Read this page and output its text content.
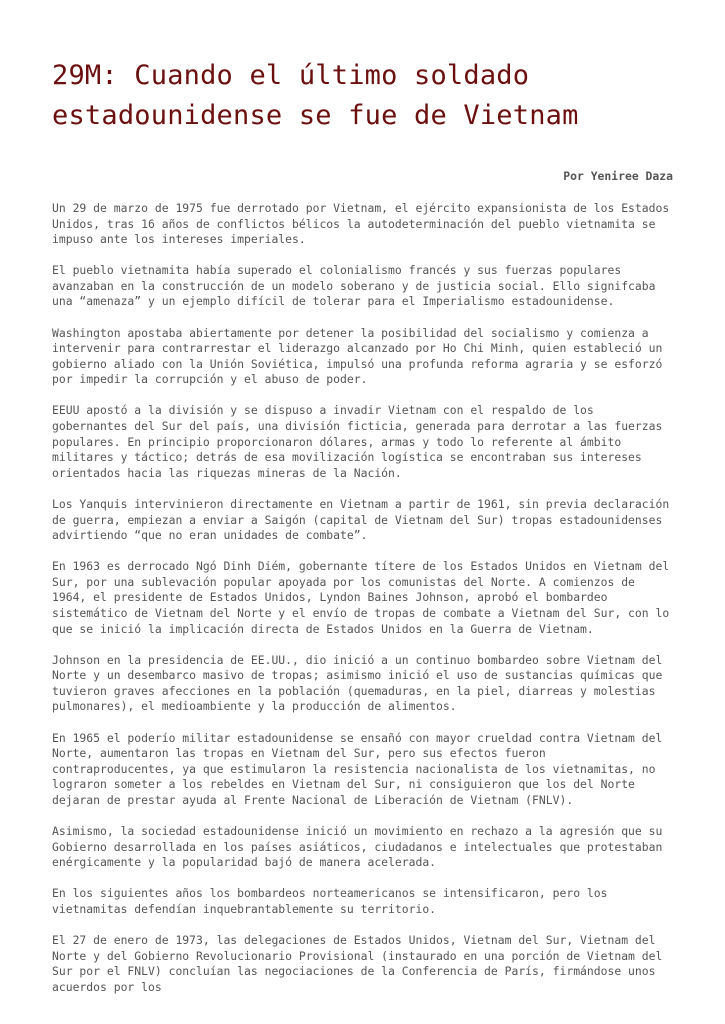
29M: Cuando el último soldado estadounidense se fue de Vietnam
Por Yeniree Daza

Un 29 de marzo de 1975 fue derrotado por Vietnam, el ejército expansionista de los Estados Unidos, tras 16 años de conflictos bélicos la autodeterminación del pueblo vietnamita se impuso ante los intereses imperiales.

El pueblo vietnamita había superado el colonialismo francés y sus fuerzas populares avanzaban en la construcción de un modelo soberano y de justicia social. Ello signifcaba una “amenaza” y un ejemplo difícil de tolerar para el Imperialismo estadounidense.

Washington apostaba abiertamente por detener la posibilidad del socialismo y comienza a intervenir para contrarrestar el liderazgo alcanzado por Ho Chi Minh, quien estableció un gobierno aliado con la Unión Soviética, impulsó una profunda reforma agraria y se esforzó por impedir la corrupción y el abuso de poder.

EEUU apostó a la división y se dispuso a invadir Vietnam con el respaldo de los gobernantes del Sur del país, una división ficticia, generada para derrotar a las fuerzas populares. En principio proporcionaron dólares, armas y todo lo referente al ámbito militares y táctico; detrás de esa movilización logística se encontraban sus intereses orientados hacia las riquezas mineras de la Nación.

Los Yanquis intervinieron directamente en Vietnam a partir de 1961, sin previa declaración de guerra, empiezan a enviar a Saigón (capital de Vietnam del Sur) tropas estadounidenses advirtiendo “que no eran unidades de combate”.

En 1963 es derrocado Ngó Dinh Diém, gobernante títere de los Estados Unidos en Vietnam del Sur, por una sublevación popular apoyada por los comunistas del Norte. A comienzos de 1964, el presidente de Estados Unidos, Lyndon Baines Johnson, aprobó el bombardeo sistemático de Vietnam del Norte y el envío de tropas de combate a Vietnam del Sur, con lo que se inició la implicación directa de Estados Unidos en la Guerra de Vietnam.

Johnson en la presidencia de EE.UU., dio inició a un continuo bombardeo sobre Vietnam del Norte y un desembarco masivo de tropas; asimismo inició el uso de sustancias químicas que tuvieron graves afecciones en la población (quemaduras, en la piel, diarreas y molestias pulmonares), el medioambiente y la producción de alimentos.

En 1965 el poderío militar estadounidense se ensañó con mayor crueldad contra Vietnam del Norte, aumentaron las tropas en Vietnam del Sur, pero sus efectos fueron contraproducentes, ya que estimularon la resistencia nacionalista de los vietnamitas, no lograron someter a los rebeldes en Vietnam del Sur, ni consiguieron que los del Norte dejaran de prestar ayuda al Frente Nacional de Liberación de Vietnam (FNLV).

Asimismo, la sociedad estadounidense inició un movimiento en rechazo a la agresión que su Gobierno desarrollada en los países asiáticos, ciudadanos e intelectuales que protestaban enérgicamente y la popularidad bajó de manera acelerada.

En los siguientes años los bombardeos norteamericanos se intensificaron, pero los vietnamitas defendían inquebrantablemente su territorio.

El 27 de enero de 1973, las delegaciones de Estados Unidos, Vietnam del Sur, Vietnam del Norte y del Gobierno Revolucionario Provisional (instaurado en una porción de Vietnam del Sur por el FNLV) concluían las negociaciones de la Conferencia de París, firmándose unos acuerdos por los
